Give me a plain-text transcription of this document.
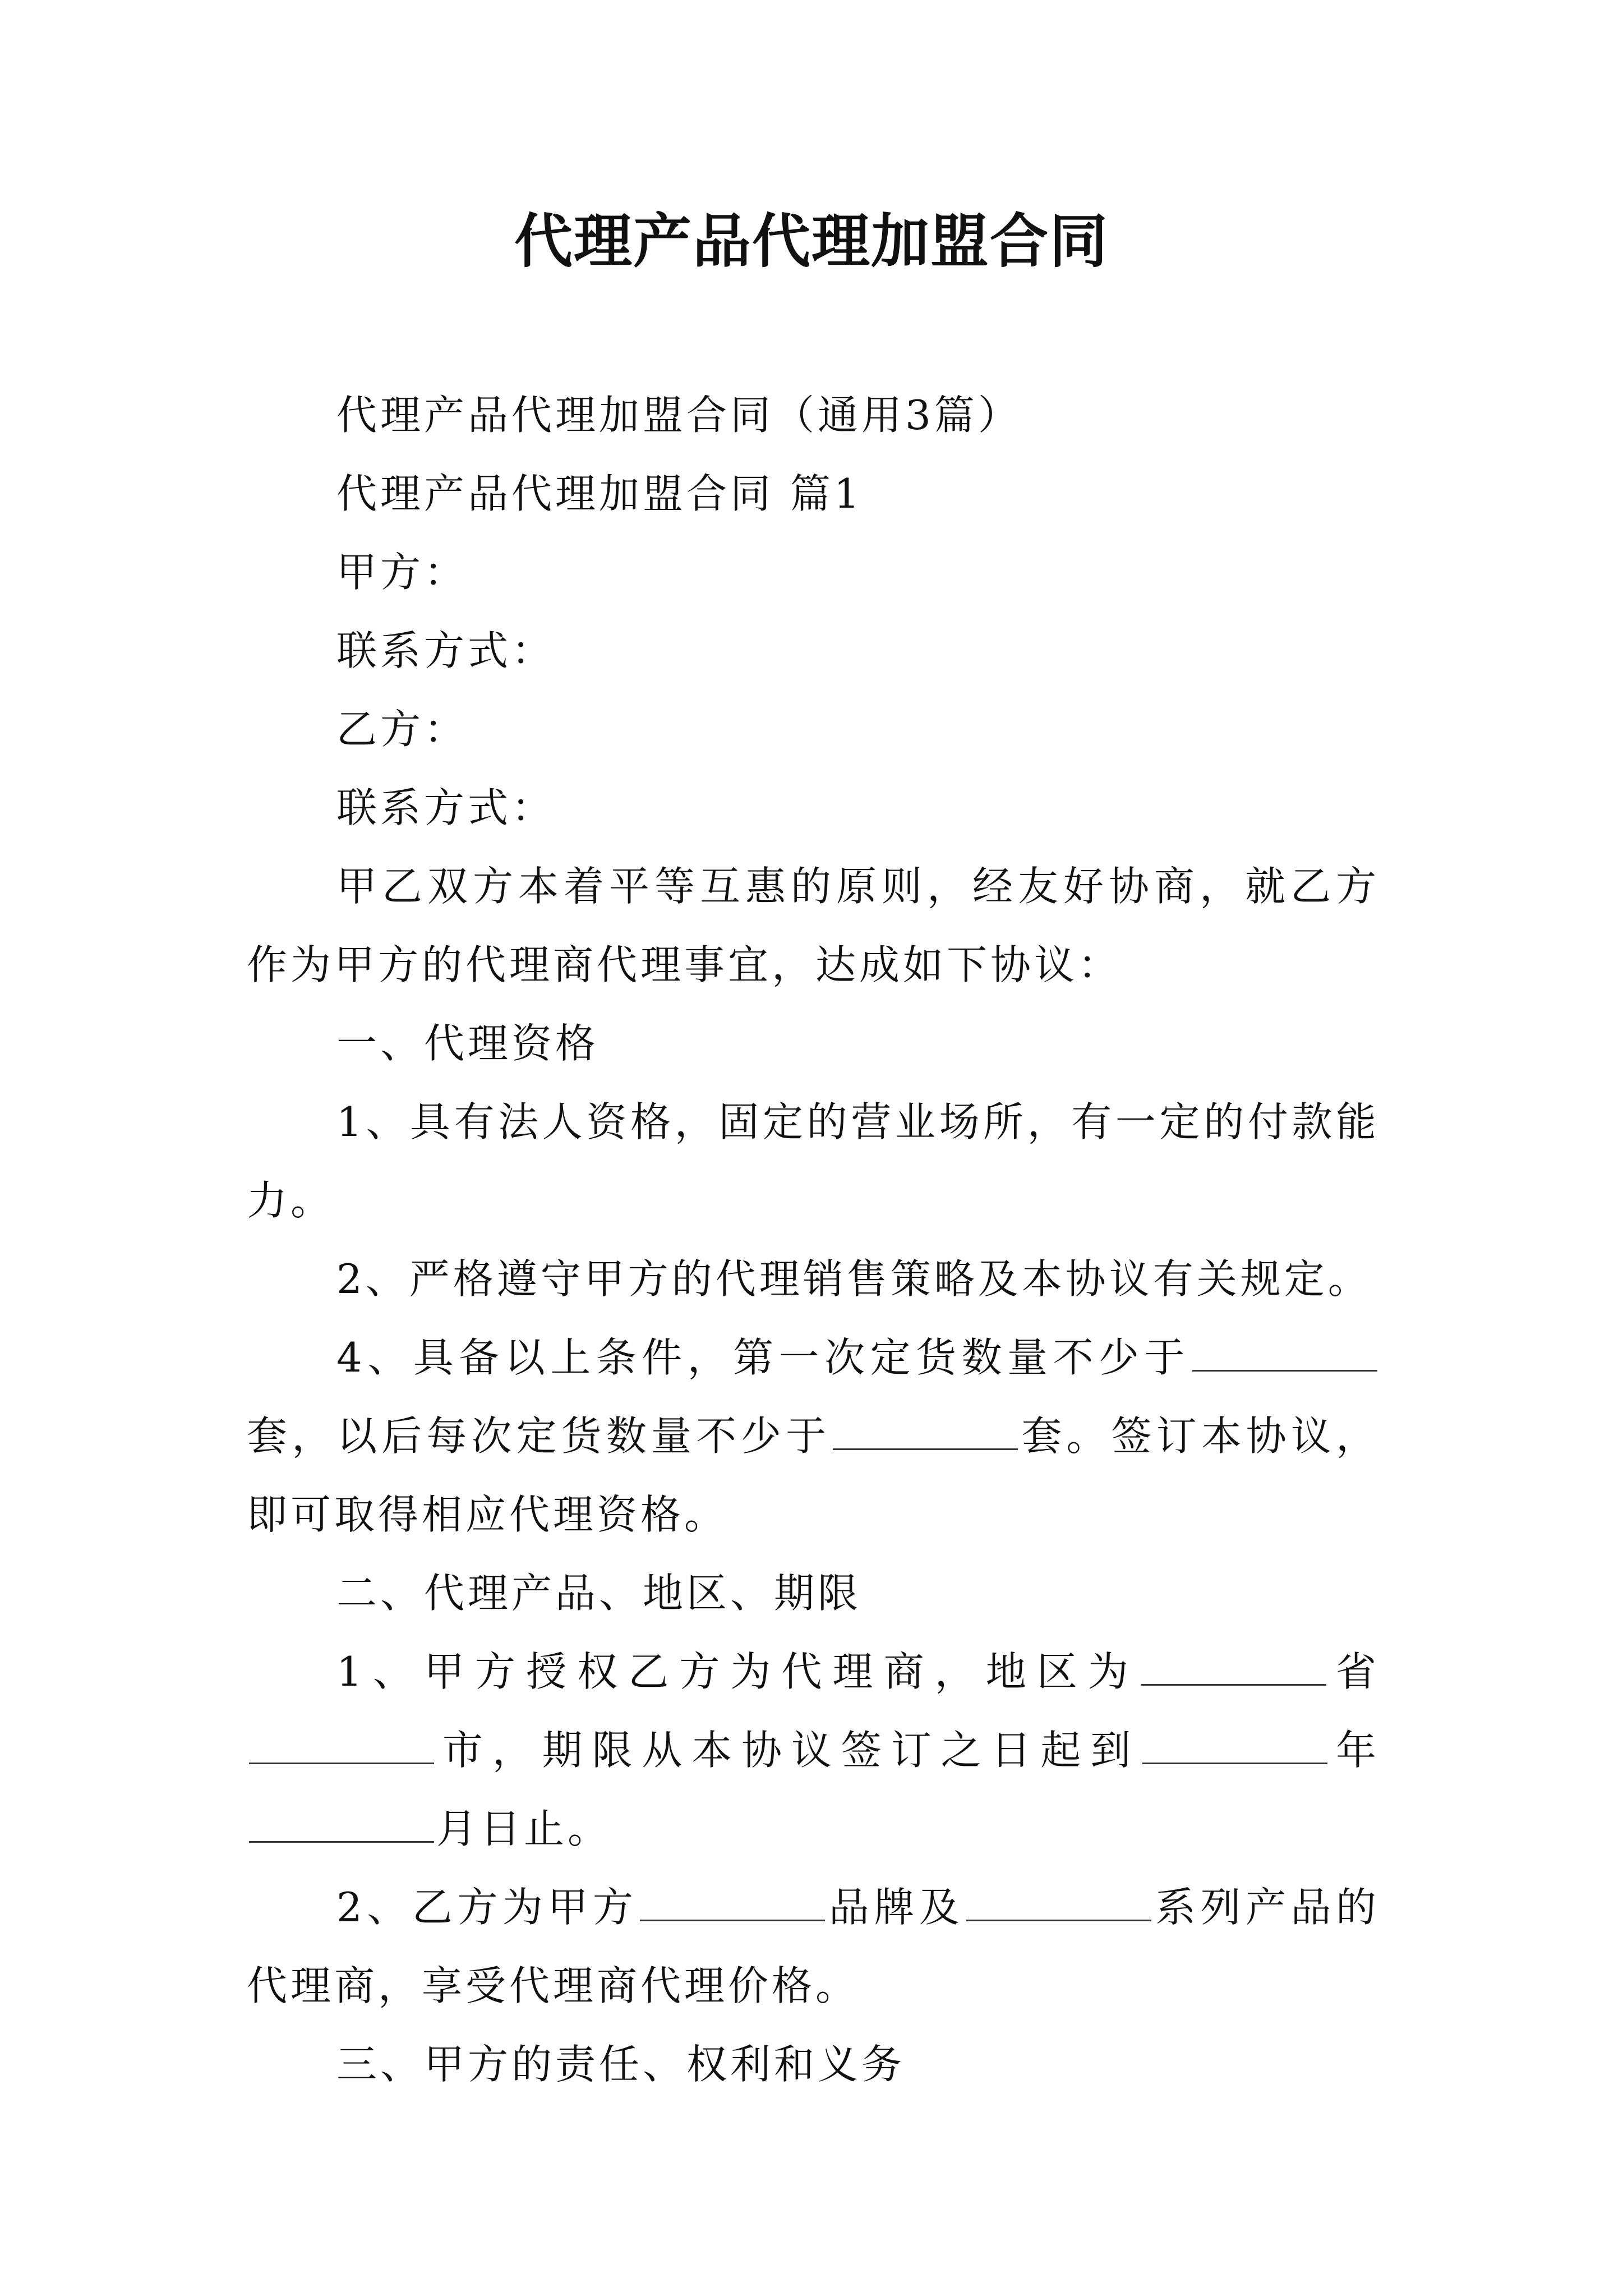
代理产品代理加盟合同

代理产品代理加盟合同（通用3篇）

代理产品代理加盟合同 篇1

甲方：

联系方式：

乙方：

联系方式：

甲乙双方本着平等互惠的原则，经友好协商，就乙方作为甲方的代理商代理事宜，达成如下协议：

一、代理资格

1、具有法人资格，固定的营业场所，有一定的付款能力。

2、严格遵守甲方的代理销售策略及本协议有关规定。

4、具备以上条件，第一次定货数量不少于套，以后每次定货数量不少于	套。签订本协议，即可取得相应代理资格。

二、代理产品、地区、期限

1、甲方授权乙方为代理商，地区为	省市，期限从本协议签订之日起到	年月日止。

2、乙方为甲方	品牌及	系列产品的代理商，享受代理商代理价格。

三、甲方的责任、权利和义务
